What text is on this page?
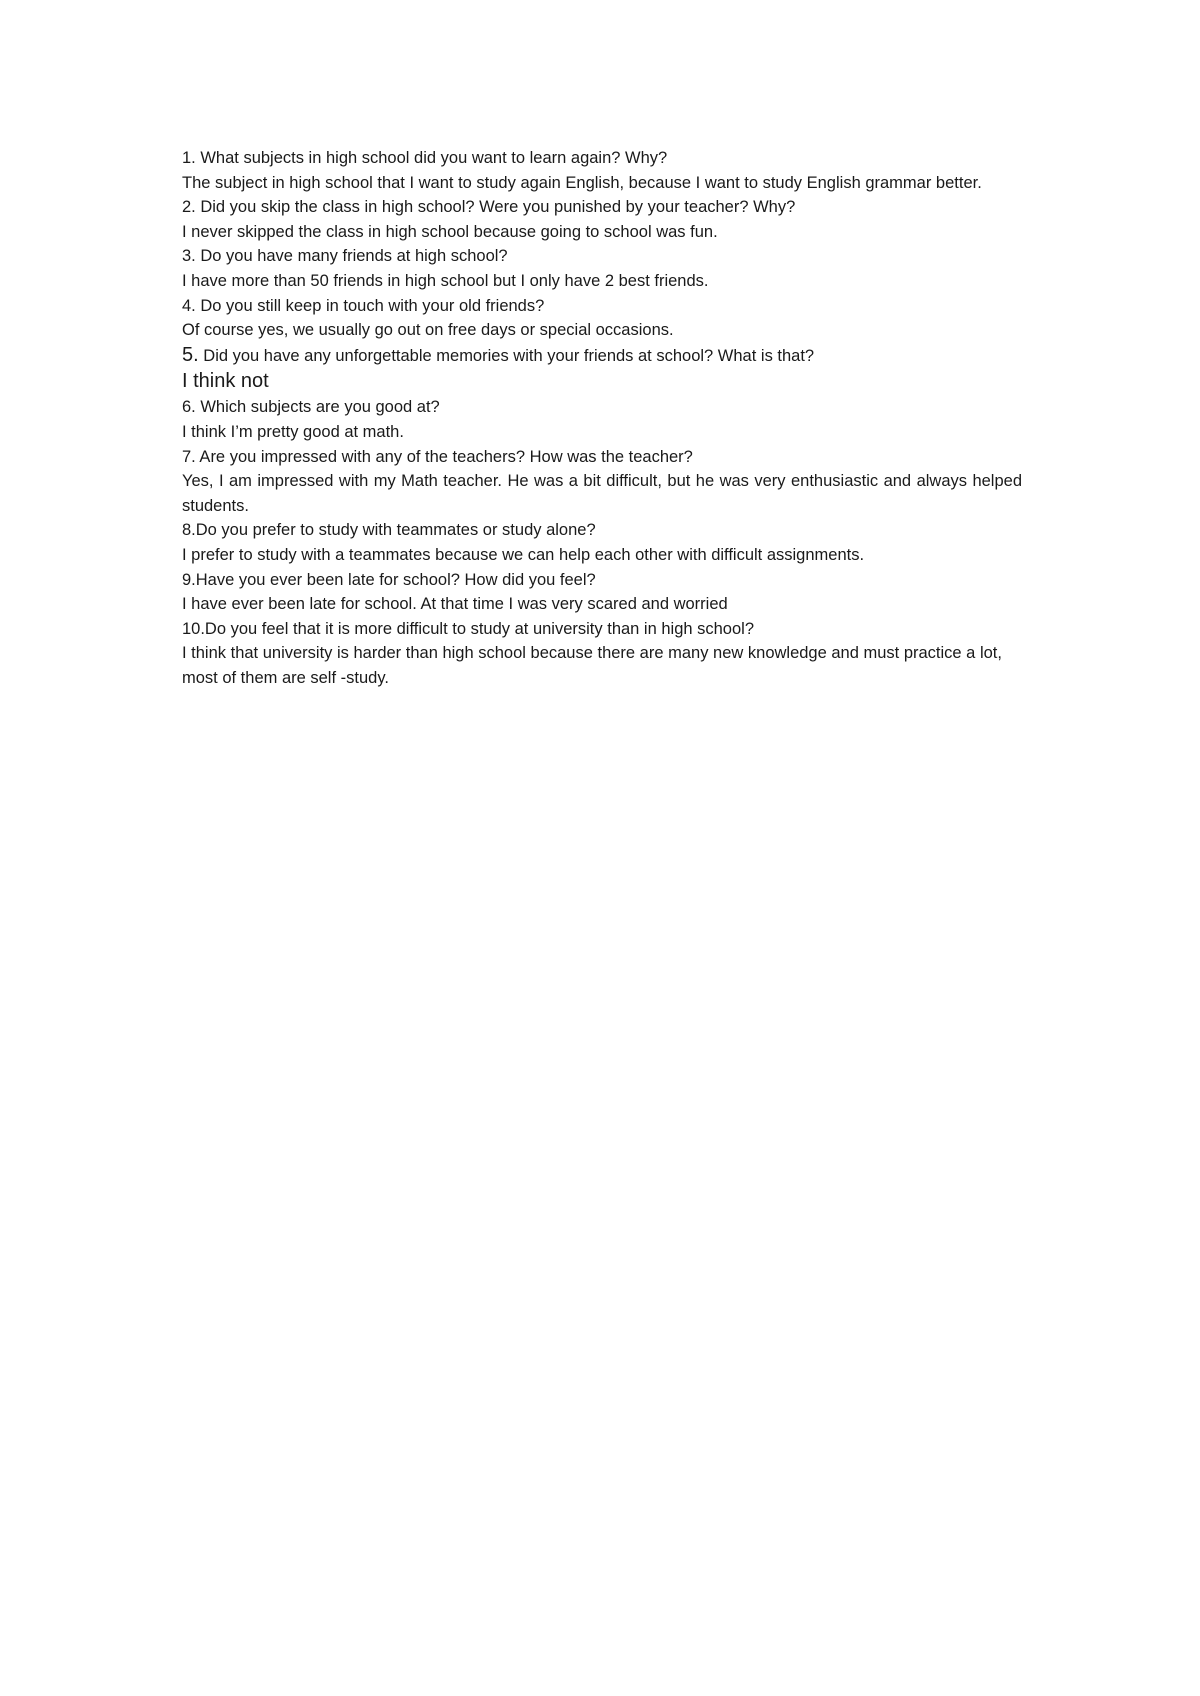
1. What subjects in high school did you want to learn again? Why?

The subject in high school that I want to study again English, because I want to study English grammar better.

2. Did you skip the class in high school? Were you punished by your teacher? Why?

I never skipped the class in high school because going to school was fun.

3. Do you have many friends at high school?

I have more than 50 friends in high school but I only have 2 best friends.

4. Do you still keep in touch with your old friends?

Of course yes, we usually go out on free days or special occasions.

5. Did you have any unforgettable memories with your friends at school? What is that?

I think not

6. Which subjects are you good at?

I think I’m pretty good at math.

7. Are you impressed with any of the teachers? How was the teacher?

Yes, I am impressed with my Math teacher. He was a bit difficult, but he was very enthusiastic and always helped students.

8.Do you prefer to study with teammates or study alone?

I prefer to study with a teammates because we can help each other with difficult assignments.

9.Have you ever been late for school? How did you feel?

I have ever been late for school. At that time I was very scared and worried

10.Do you feel that it is more difficult to study at university than in high school?

I think that university is harder than high school because there are many new knowledge and must practice a lot, most of them are self -study.
